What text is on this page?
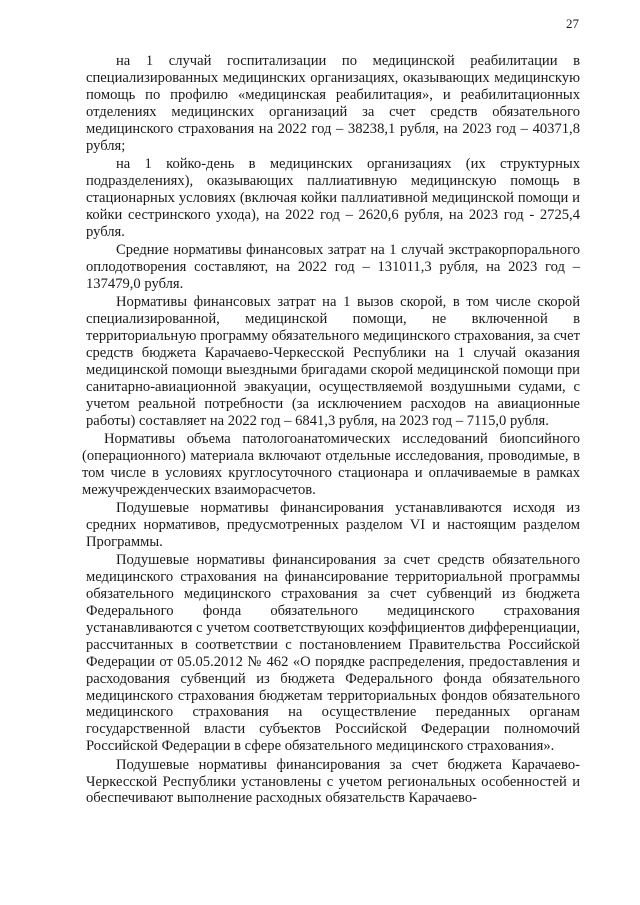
27

на 1 случай госпитализации по медицинской реабилитации в специализированных медицинских организациях, оказывающих медицинскую помощь по профилю «медицинская реабилитация», и реабилитационных отделениях медицинских организаций за счет средств обязательного медицинского страхования на 2022 год – 38238,1 рубля, на 2023 год – 40371,8 рубля;

на 1 койко-день в медицинских организациях (их структурных подразделениях), оказывающих паллиативную медицинскую помощь в стационарных условиях (включая койки паллиативной медицинской помощи и койки сестринского ухода), на 2022 год – 2620,6 рубля, на 2023 год - 2725,4 рубля.

Средние нормативы финансовых затрат на 1 случай экстракорпорального оплодотворения составляют, на 2022 год – 131011,3 рубля, на 2023 год – 137479,0 рубля.

Нормативы финансовых затрат на 1 вызов скорой, в том числе скорой специализированной, медицинской помощи, не включенной в территориальную программу обязательного медицинского страхования, за счет средств бюджета Карачаево-Черкесской Республики на 1 случай оказания медицинской помощи выездными бригадами скорой медицинской помощи при санитарно-авиационной эвакуации, осуществляемой воздушными судами, с учетом реальной потребности (за исключением расходов на авиационные работы) составляет на 2022 год – 6841,3 рубля, на 2023 год – 7115,0 рубля.

Нормативы объема патологоанатомических исследований биопсийного (операционного) материала включают отдельные исследования, проводимые, в том числе в условиях круглосуточного стационара и оплачиваемые в рамках межучрежденческих взаиморасчетов.

Подушевые нормативы финансирования устанавливаются исходя из средних нормативов, предусмотренных разделом VI и настоящим разделом Программы.

Подушевые нормативы финансирования за счет средств обязательного медицинского страхования на финансирование территориальной программы обязательного медицинского страхования за счет субвенций из бюджета Федерального фонда обязательного медицинского страхования устанавливаются с учетом соответствующих коэффициентов дифференциации, рассчитанных в соответствии с постановлением Правительства Российской Федерации от 05.05.2012 № 462 «О порядке распределения, предоставления и расходования субвенций из бюджета Федерального фонда обязательного медицинского страхования бюджетам территориальных фондов обязательного медицинского страхования на осуществление переданных органам государственной власти субъектов Российской Федерации полномочий Российской Федерации в сфере обязательного медицинского страхования».

Подушевые нормативы финансирования за счет бюджета Карачаево-Черкесской Республики установлены с учетом региональных особенностей и обеспечивают выполнение расходных обязательств Карачаево-
